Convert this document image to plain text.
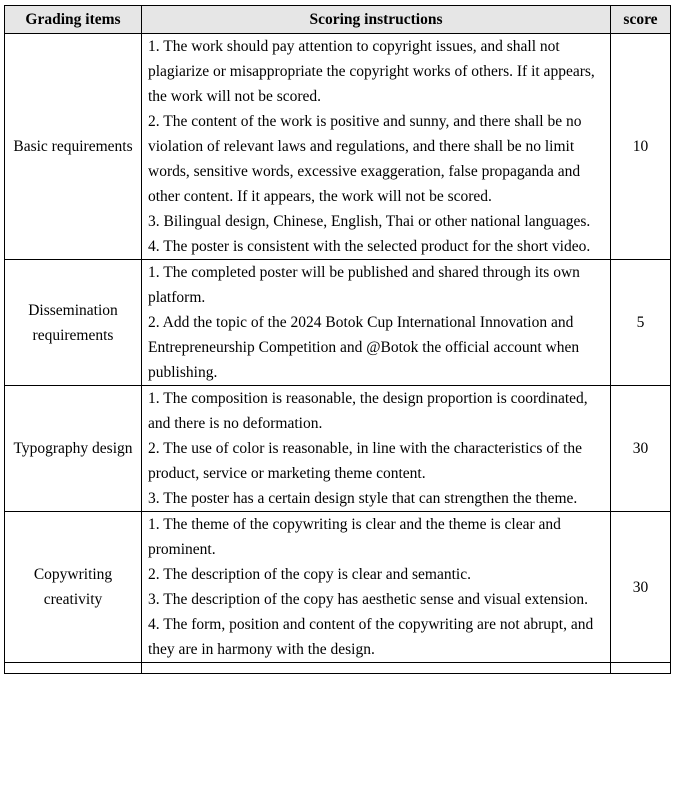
Grading items	Scoring instructions	score
Basic requirements	1. The work should pay attention to copyright issues, and shall not plagiarize or misappropriate the copyright works of others. If it appears, the work will not be scored.
2. The content of the work is positive and sunny, and there shall be no violation of relevant laws and regulations, and there shall be no limit words, sensitive words, excessive exaggeration, false propaganda and other content. If it appears, the work will not be scored.
3. Bilingual design, Chinese, English, Thai or other national languages.
4. The poster is consistent with the selected product for the short video.	10
Dissemination requirements	1. The completed poster will be published and shared through its own platform.
2. Add the topic of the 2024 Botok Cup International Innovation and Entrepreneurship Competition and @Botok the official account when publishing.	5
Typography design	1. The composition is reasonable, the design proportion is coordinated, and there is no deformation.
2. The use of color is reasonable, in line with the characteristics of the product, service or marketing theme content.
3. The poster has a certain design style that can strengthen the theme.	30
Copywriting creativity	1. The theme of the copywriting is clear and the theme is clear and prominent.
2. The description of the copy is clear and semantic.
3. The description of the copy has aesthetic sense and visual extension.
4. The form, position and content of the copywriting are not abrupt, and they are in harmony with the design.	30
